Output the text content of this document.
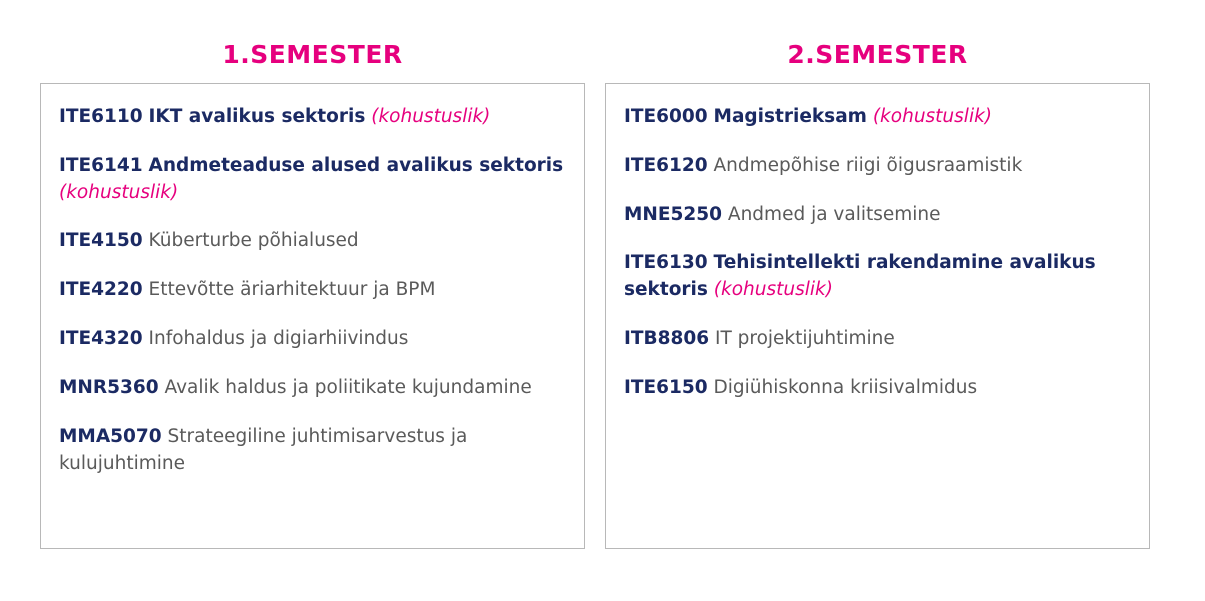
1.SEMESTER

ITE6110 IKT avalikus sektoris (kohustuslik)

ITE6141 Andmeteaduse alused avalikus sektoris (kohustuslik)

ITE4150 Küberturbe põhialused

ITE4220 Ettevõtte äriarhitektuur ja BPM

ITE4320 Infohaldus ja digiarhiivindus

MNR5360 Avalik haldus ja poliitikate kujundamine

MMA5070 Strateegiline juhtimisarvestus ja kulujuhtimine

2.SEMESTER

ITE6000 Magistrieksam (kohustuslik)

ITE6120 Andmepõhise riigi õigusraamistik

MNE5250 Andmed ja valitsemine

ITE6130 Tehisintellekti rakendamine avalikus sektoris (kohustuslik)

ITB8806 IT projektijuhtimine

ITE6150 Digiühiskonna kriisivalmidus
